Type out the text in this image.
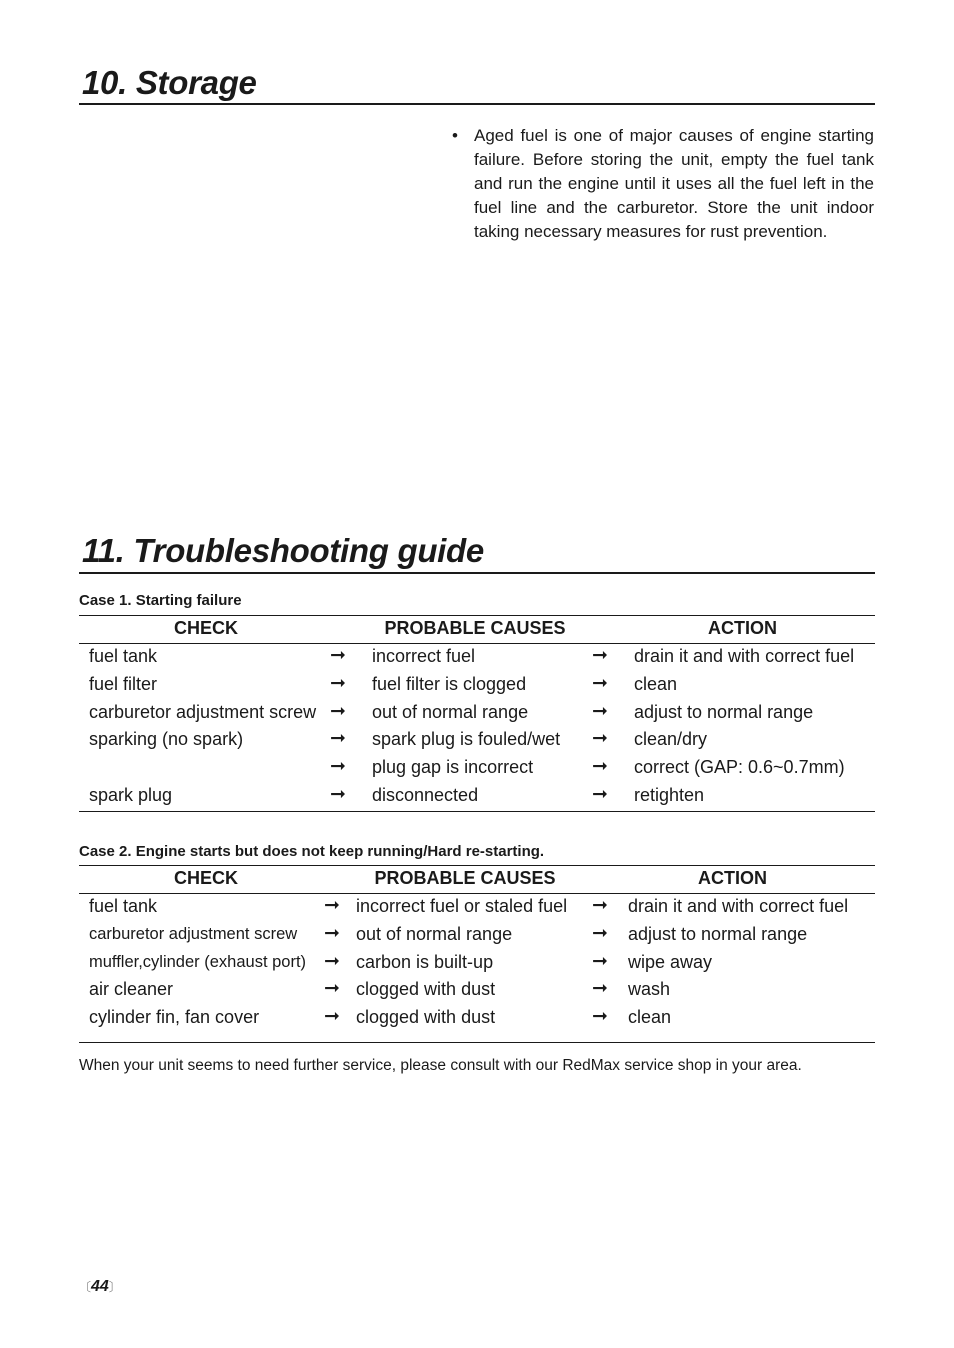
10. Storage
• Aged fuel is one of major causes of engine starting failure. Before storing the unit, empty the fuel tank and run the engine until it uses all the fuel left in the fuel line and the carburetor. Store the unit indoor taking necessary measures for rust prevention.
11. Troubleshooting guide
Case 1. Starting failure
CHECK	PROBABLE CAUSES	ACTION
fuel tank	➞ incorrect fuel	➞ drain it and with correct fuel
fuel filter	➞ fuel filter is clogged	➞ clean
carburetor adjustment screw ➞ out of normal range	➞ adjust to normal range
sparking (no spark)	➞ spark plug is fouled/wet ➞ clean/dry
➞ plug gap is incorrect	➞ correct (GAP: 0.6~0.7mm)
spark plug	➞ disconnected	➞ retighten
Case 2. Engine starts but does not keep running/Hard re-starting.
CHECK	PROBABLE CAUSES	ACTION
fuel tank	➞ incorrect fuel or staled fuel ➞ drain it and with correct fuel
carburetor adjustment screw ➞ out of normal range	➞ adjust to normal range
muffler,cylinder (exhaust port) ➞ carbon is built-up	➞ wipe away
air cleaner	➞ clogged with dust	➞ wash
cylinder fin, fan cover	➞ clogged with dust	➞ clean
When your unit seems to need further service, please consult with our RedMax service shop in your area.
〔44〕
